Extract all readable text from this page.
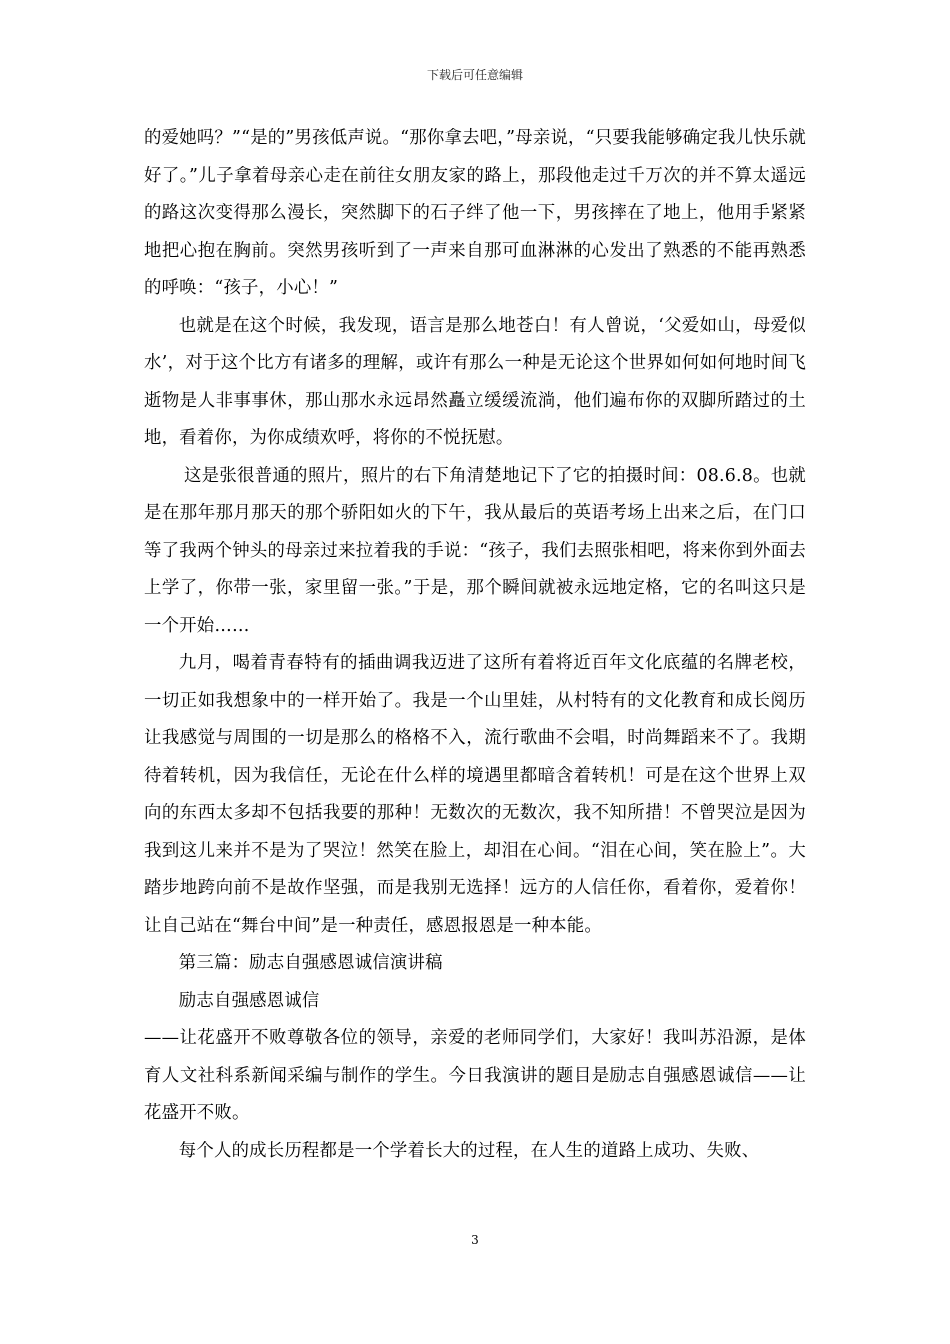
下载后可任意编辑

的爱她吗？”“是的”男孩低声说。“那你拿去吧，”母亲说，“只要我能够确定我儿快乐就好了。”儿子拿着母亲心走在前往女朋友家的路上，那段他走过千万次的并不算太遥远的路这次变得那么漫长，突然脚下的石子绊了他一下，男孩摔在了地上，他用手紧紧地把心抱在胸前。突然男孩听到了一声来自那可血淋淋的心发出了熟悉的不能再熟悉的呼唤：“孩子，小心！”

也就是在这个时候，我发现，语言是那么地苍白！有人曾说，‘父爱如山，母爱似水’，对于这个比方有诸多的理解，或许有那么一种是无论这个世界如何如何地时间飞逝物是人非事事休，那山那水永远昂然矗立缓缓流淌，他们遍布你的双脚所踏过的土地，看着你，为你成绩欢呼，将你的不悦抚慰。

这是张很普通的照片，照片的右下角清楚地记下了它的拍摄时间：08.6.8。也就是在那年那月那天的那个骄阳如火的下午，我从最后的英语考场上出来之后，在门口等了我两个钟头的母亲过来拉着我的手说：“孩子，我们去照张相吧，将来你到外面去上学了，你带一张，家里留一张。”于是，那个瞬间就被永远地定格，它的名叫这只是一个开始……

九月，喝着青春特有的插曲调我迈进了这所有着将近百年文化底蕴的名牌老校，一切正如我想象中的一样开始了。我是一个山里娃，从村特有的文化教育和成长阅历让我感觉与周围的一切是那么的格格不入，流行歌曲不会唱，时尚舞蹈来不了。我期待着转机，因为我信任，无论在什么样的境遇里都暗含着转机！可是在这个世界上双向的东西太多却不包括我要的那种！无数次的无数次，我不知所措！不曾哭泣是因为我到这儿来并不是为了哭泣！然笑在脸上，却泪在心间。“泪在心间，笑在脸上”。大踏步地跨向前不是故作坚强，而是我别无选择！远方的人信任你，看着你，爱着你！让自己站在“舞台中间”是一种责任，感恩报恩是一种本能。

第三篇：励志自强感恩诚信演讲稿

励志自强感恩诚信

——让花盛开不败尊敬各位的领导，亲爱的老师同学们，大家好！我叫苏沿源，是体育人文社科系新闻采编与制作的学生。今日我演讲的题目是励志自强感恩诚信——让花盛开不败。

每个人的成长历程都是一个学着长大的过程，在人生的道路上成功、失败、

3
